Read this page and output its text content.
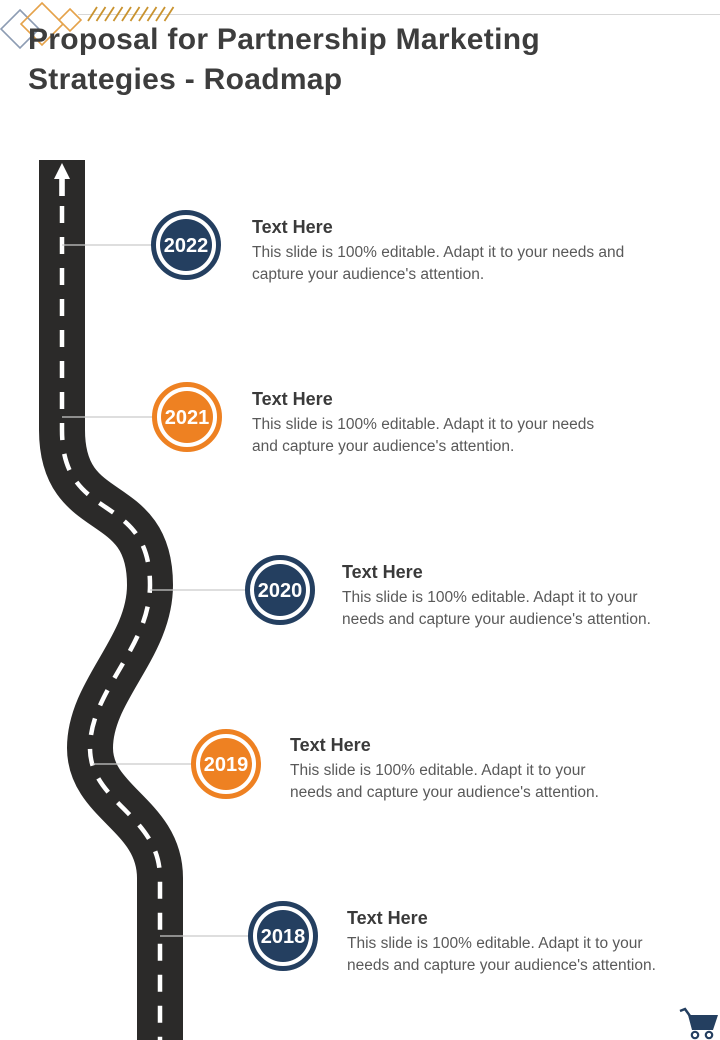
Proposal for Partnership Marketing Strategies - Roadmap
2022
2021
2020
2019
2018
Text Here
This slide is 100% editable. Adapt it to your needs and capture your audience's attention.
Text Here
This slide is 100% editable. Adapt it to your needs and capture your audience's attention.
Text Here
This slide is 100% editable. Adapt it to your needs and capture your audience's attention.
Text Here
This slide is 100% editable. Adapt it to your needs and capture your audience's attention.
Text Here
This slide is 100% editable. Adapt it to your needs and capture your audience's attention.
